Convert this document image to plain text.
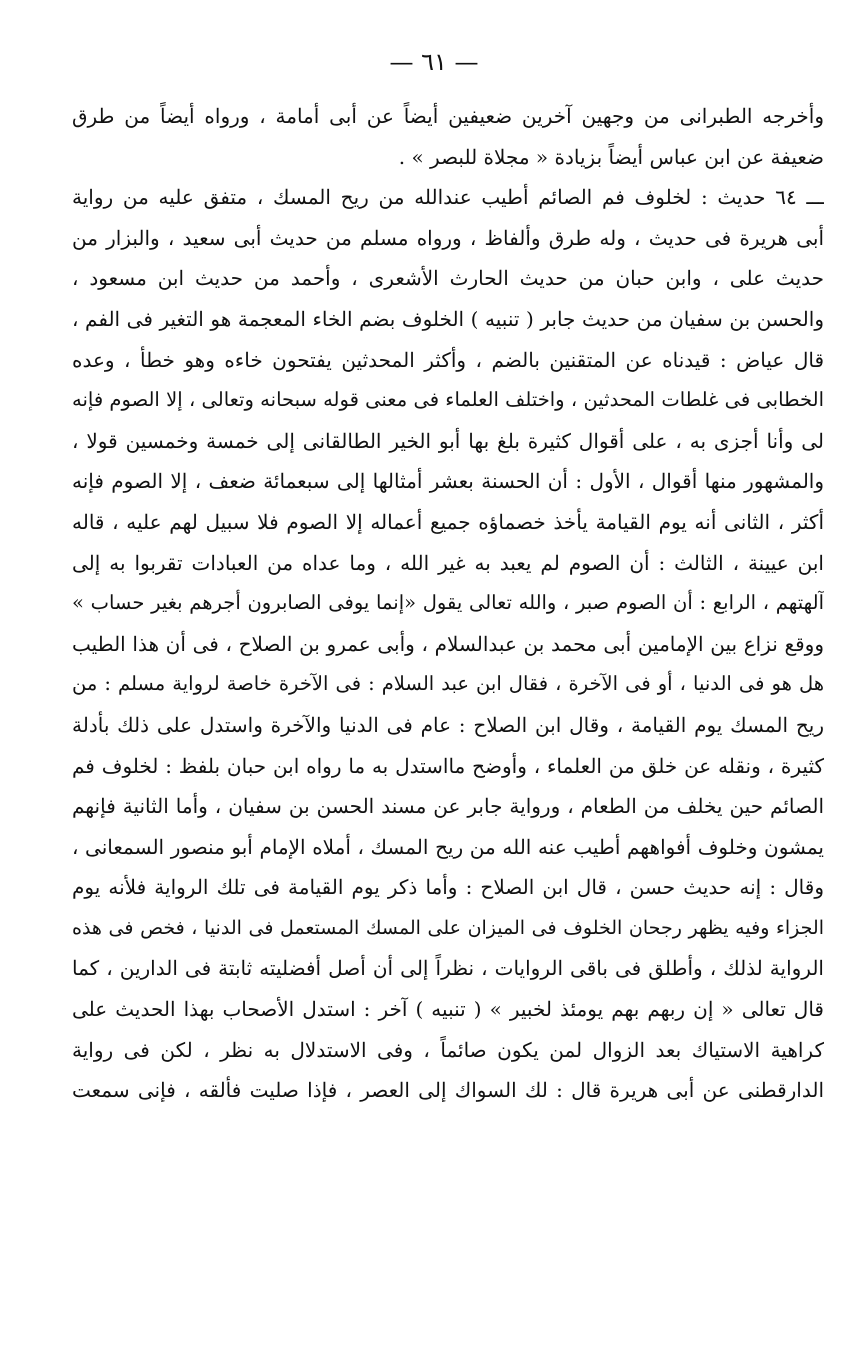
— ٦١ —
وأخرجه الطبرانى من وجهين آخرين ضعيفين أيضاً عن أبى أمامة ، ورواه أيضاً من طرق
ضعيفة عن ابن عباس أيضاً بزيادة « مجلاة للبصر » .
ـــ ٦٤ حديث : لخلوف فم الصائم أطيب عندالله من ريح المسك ، متفق عليه من رواية
أبى هريرة فى حديث ، وله طرق وألفاظ ، ورواه مسلم من حديث أبى سعيد ، والبزار من
حديث على ، وابن حبان من حديث الحارث الأشعرى ، وأحمد من حديث ابن مسعود ،
والحسن بن سفيان من حديث جابر ( تنبيه ) الخلوف بضم الخاء المعجمة هو التغير فى الفم ،
قال عياض : قيدناه عن المتقنين بالضم ، وأكثر المحدثين يفتحون خاءه وهو خطأ ، وعده
الخطابى فى غلطات المحدثين ، واختلف العلماء فى معنى قوله سبحانه وتعالى ، إلا الصوم فإنه
لى وأنا أجزى به ، على أقوال كثيرة بلغ بها أبو الخير الطالقانى إلى خمسة وخمسين قولا ،
والمشهور منها أقوال ، الأول : أن الحسنة بعشر أمثالها إلى سبعمائة ضعف ، إلا الصوم فإنه
أكثر ، الثانى أنه يوم القيامة يأخذ خصماؤه جميع أعماله إلا الصوم فلا سبيل لهم عليه ، قاله
ابن عيينة ، الثالث : أن الصوم لم يعبد به غير الله ، وما عداه من العبادات تقربوا به إلى
آلهتهم ، الرابع : أن الصوم صبر ، والله تعالى يقول «إنما يوفى الصابرون أجرهم بغير حساب »
ووقع نزاع بين الإمامين أبى محمد بن عبدالسلام ، وأبى عمرو بن الصلاح ، فى أن هذا الطيب
هل هو فى الدنيا ، أو فى الآخرة ، فقال ابن عبد السلام : فى الآخرة خاصة لرواية مسلم : من
ريح المسك يوم القيامة ، وقال ابن الصلاح : عام فى الدنيا والآخرة واستدل على ذلك بأدلة
كثيرة ، ونقله عن خلق من العلماء ، وأوضح مااستدل به ما رواه ابن حبان بلفظ : لخلوف فم
الصائم حين يخلف من الطعام ، ورواية جابر عن مسند الحسن بن سفيان ، وأما الثانية فإنهم
يمشون وخلوف أفواههم أطيب عنه الله من ريح المسك ، أملاه الإمام أبو منصور السمعانى ،
وقال : إنه حديث حسن ، قال ابن الصلاح : وأما ذكر يوم القيامة فى تلك الرواية فلأنه يوم
الجزاء وفيه يظهر رجحان الخلوف فى الميزان على المسك المستعمل فى الدنيا ، فخص فى هذه
الرواية لذلك ، وأطلق فى باقى الروايات ، نظراً إلى أن أصل أفضليته ثابتة فى الدارين ، كما
قال تعالى « إن ربهم بهم يومئذ لخبير » ( تنبيه ) آخر : استدل الأصحاب بهذا الحديث على
كراهية الاستياك بعد الزوال لمن يكون صائماً ، وفى الاستدلال به نظر ، لكن فى رواية
الدارقطنى عن أبى هريرة قال : لك السواك إلى العصر ، فإذا صليت فألقه ، فإنى سمعت
